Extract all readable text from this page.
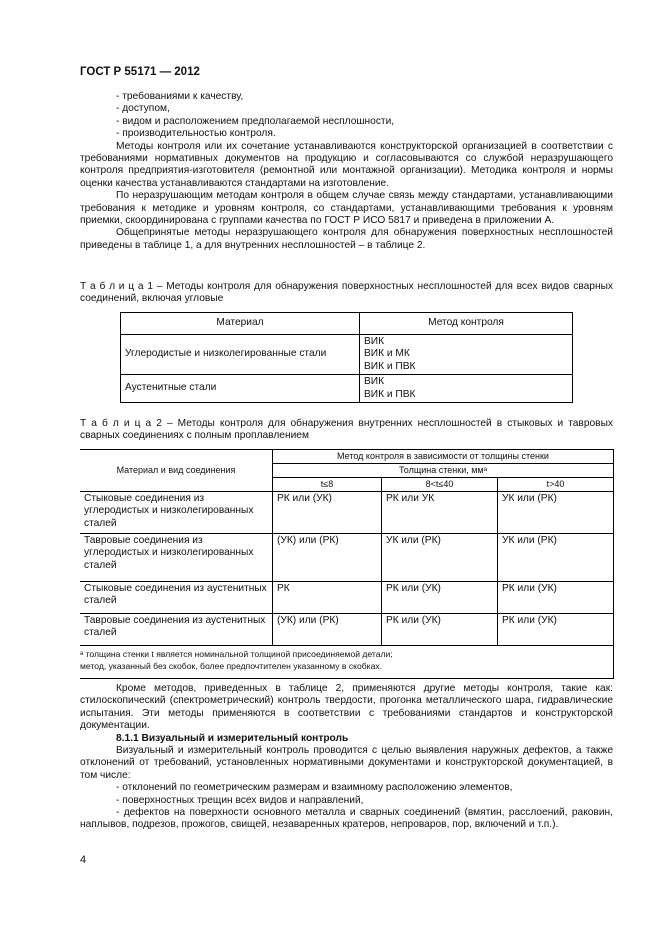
ГОСТ Р 55171 — 2012

- требованиями к качеству,

- доступом,

- видом и расположением предполагаемой несплошности,

- производительностью контроля.

Методы контроля или их сочетание устанавливаются конструкторской организацией в соответствии с требованиями нормативных документов на продукцию и согласовываются со службой неразрушающего контроля предприятия-изготовителя (ремонтной или монтажной организации). Методика контроля и нормы оценки качества устанавливаются стандартами на изготовление.

По неразрушающим методам контроля в общем случае связь между стандартами, устанавливающими требования к методике и уровням контроля, со стандартами, устанавливающими требования к уровням приемки, скоординирована с группами качества по ГОСТ Р ИСО 5817 и приведена в приложении А.

Общепринятые методы неразрушающего контроля для обнаружения поверхностных несплошностей приведены в таблице 1, а для внутренних несплошностей – в таблице 2.

Т а б л и ц а 1 – Методы контроля для обнаружения поверхностных несплошностей для всех видов сварных соединений, включая угловые

Материал	Метод контроля
Углеродистые и низколегированные стали	ВИК
ВИК и МК
ВИК и ПВК

Аустенитные стали	ВИК
ВИК и ПВК

Т а б л и ц а 2 – Методы контроля для обнаружения внутренних несплошностей в стыковых и тавровых сварных соединениях с полным проплавлением

Материал и вид соединения	Метод контроля в зависимости от толщины стенки		
	Толщина стенки, ммᵃ		
	t≤8	8<t≤40	t>40
Стыковые соединения из углеродистых и низколегированных сталей	РК или (УК)	РК или УК	УК или (РК)
Тавровые соединения из углеродистых и низколегированных сталей	(УК) или (РК)	УК или (РК)	УК или (РК)
Стыковые соединения из аустенитных сталей	РК	РК или (УК)	РК или (УК)
Тавровые соединения из аустенитных сталей	(УК) или (РК)	РК или (УК)	РК или (УК)

ᵃ толщина стенки t является номинальной толщиной присоединяемой детали;
метод, указанный без скобок, более предпочтителен указанному в скобках.			

Кроме методов, приведенных в таблице 2, применяются другие методы контроля, такие как: стилоскопический (спектрометрический) контроль твердости, прогонка металлического шара, гидравлические испытания. Эти методы применяются в соответствии с требованиями стандартов и конструкторской документации.

8.1.1 Визуальный и измерительный контроль

Визуальный и измерительный контроль проводится с целью выявления наружных дефектов, а также отклонений от требований, установленных нормативными документами и конструкторской документацией, в том числе:

- отклонений по геометрическим размерам и взаимному расположению элементов,

- поверхностных трещин всех видов и направлений,

- дефектов на поверхности основного металла и сварных соединений (вмятин, расслоений, раковин, наплывов, подрезов, прожогов, свищей, незаваренных кратеров, непроваров, пор, включений и т.п.).

4
